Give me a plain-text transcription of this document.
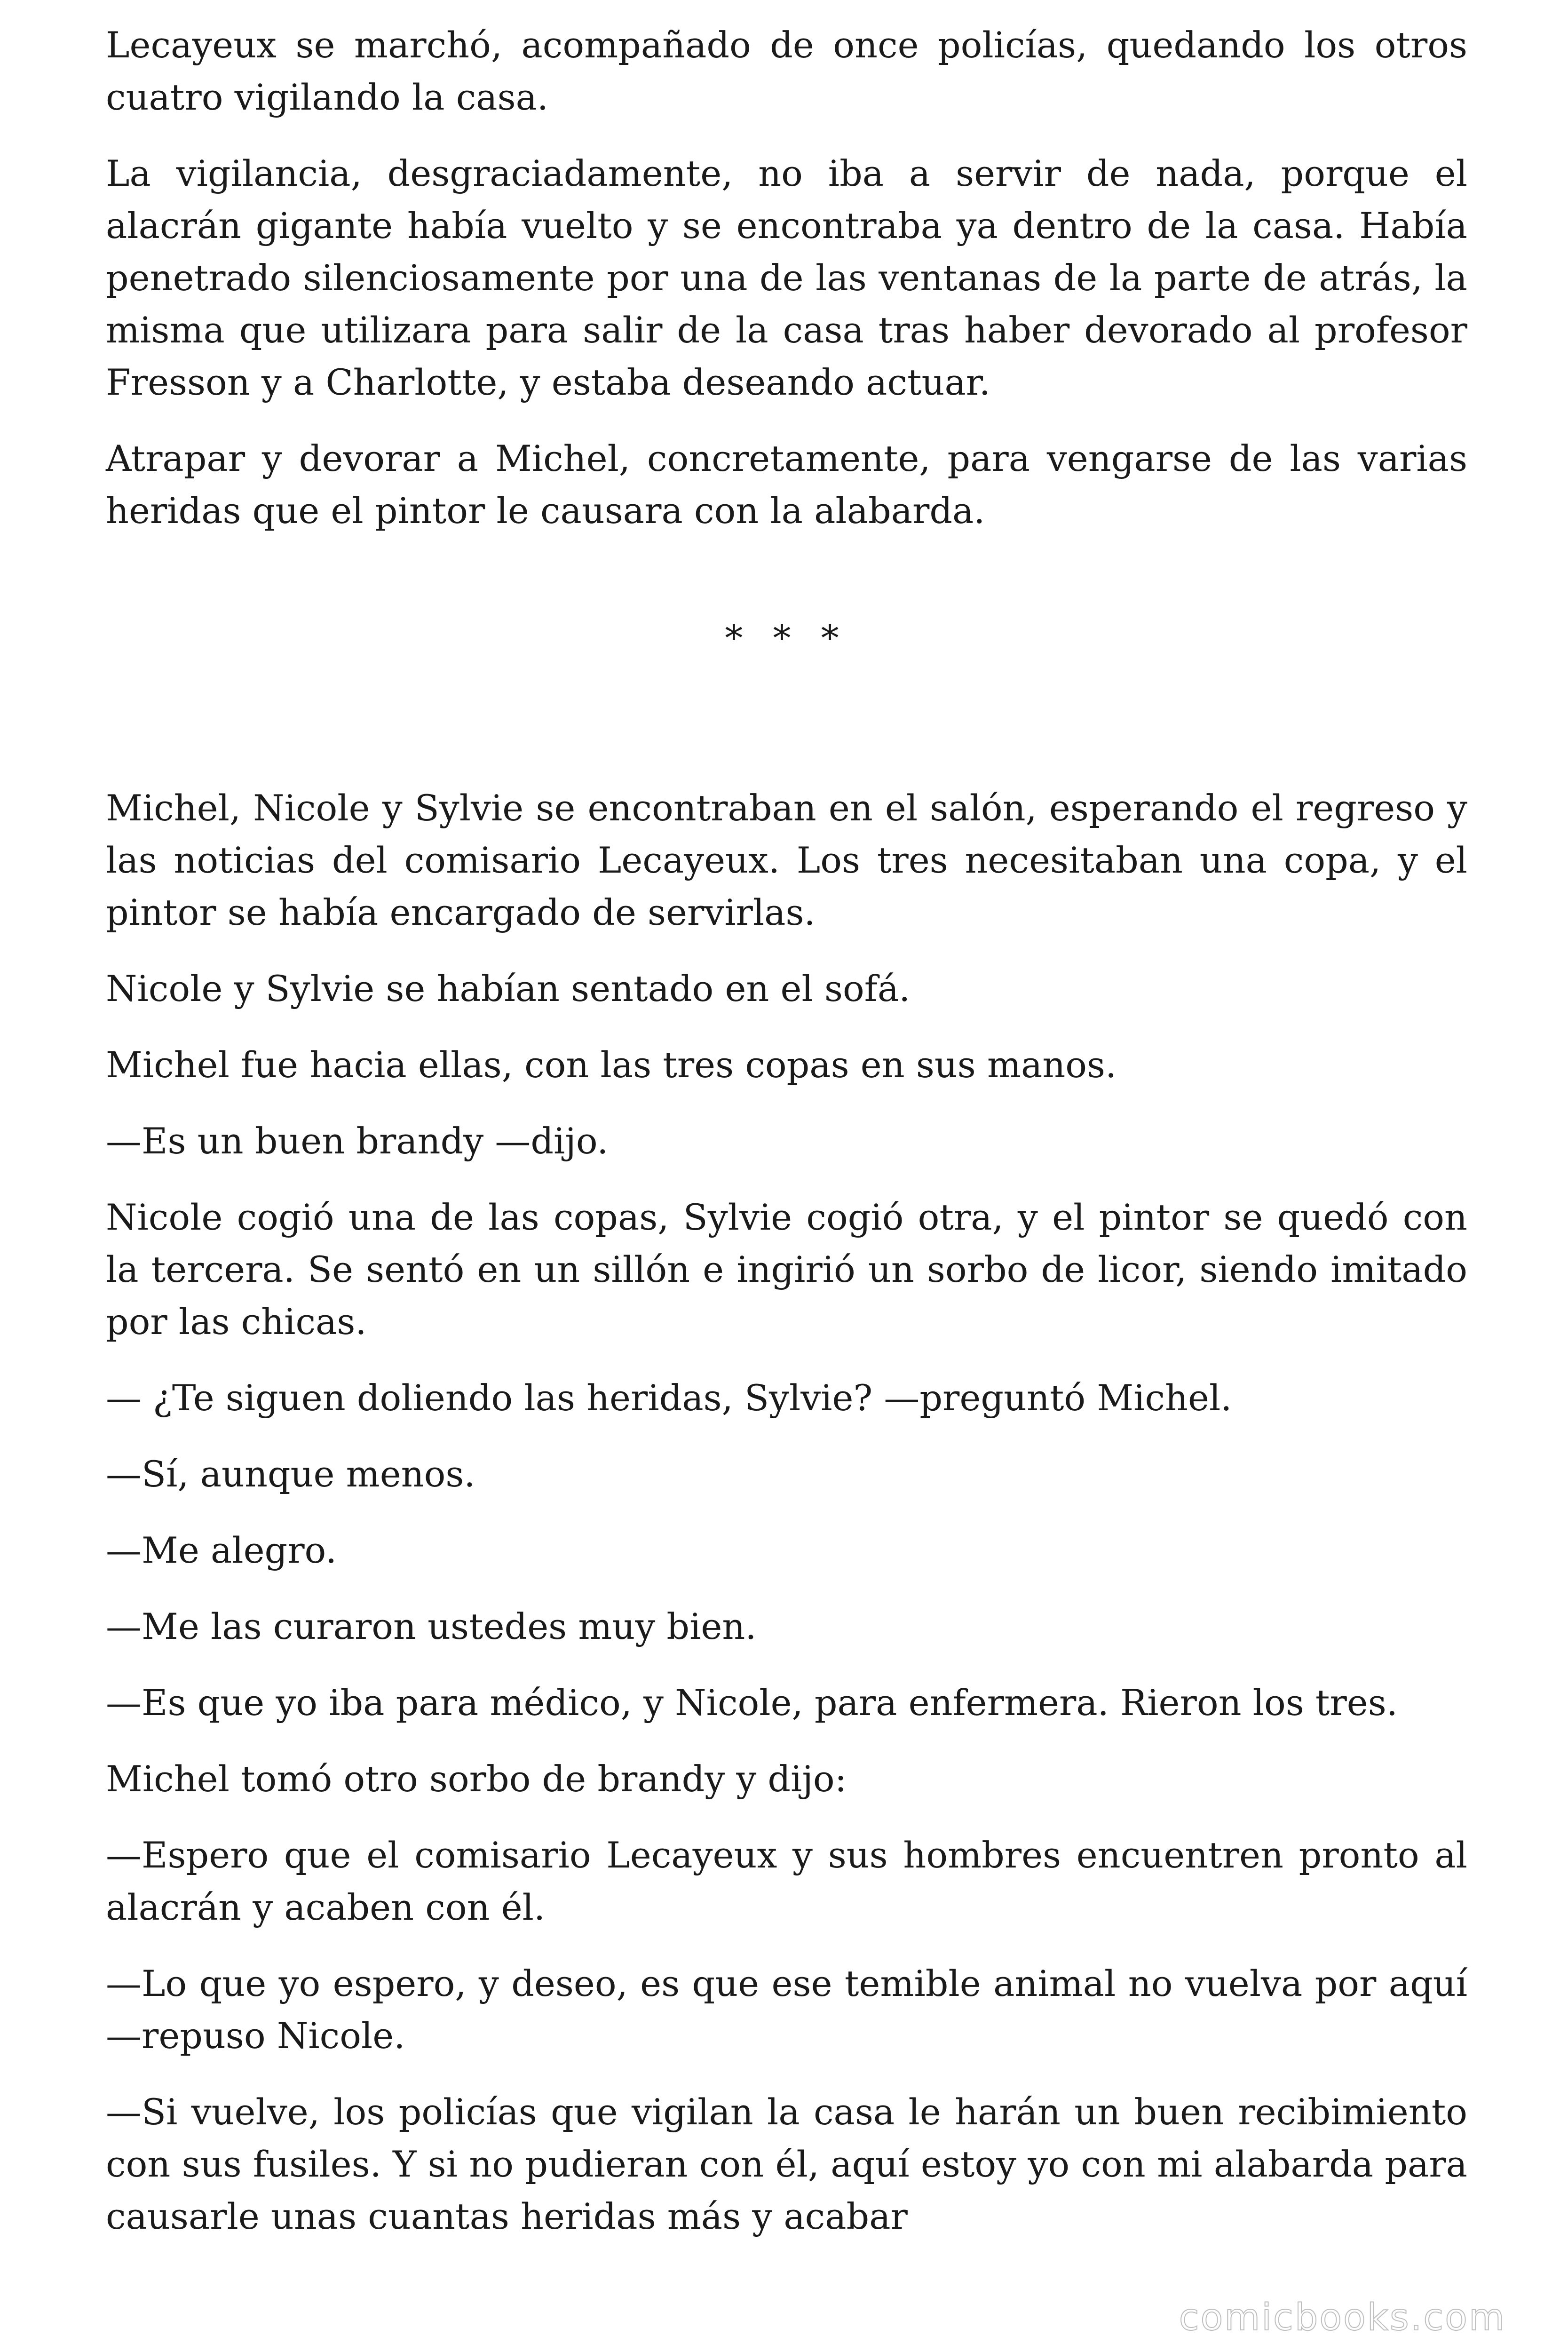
Lecayeux se marchó, acompañado de once policías, quedando los otros cuatro vigilando la casa.

La vigilancia, desgraciadamente, no iba a servir de nada, porque el alacrán gigante había vuelto y se encontraba ya dentro de la casa. Había penetrado silenciosamente por una de las ventanas de la parte de atrás, la misma que utilizara para salir de la casa tras haber devorado al profesor Fresson y a Charlotte, y estaba deseando actuar.

Atrapar y devorar a Michel, concretamente, para vengarse de las varias heridas que el pintor le causara con la alabarda.

* * *

Michel, Nicole y Sylvie se encontraban en el salón, esperando el regreso y las noticias del comisario Lecayeux. Los tres necesitaban una copa, y el pintor se había encargado de servirlas.

Nicole y Sylvie se habían sentado en el sofá.

Michel fue hacia ellas, con las tres copas en sus manos.

—Es un buen brandy —dijo.

Nicole cogió una de las copas, Sylvie cogió otra, y el pintor se quedó con la tercera. Se sentó en un sillón e ingirió un sorbo de licor, siendo imitado por las chicas.

— ¿Te siguen doliendo las heridas, Sylvie? —preguntó Michel.

—Sí, aunque menos.

—Me alegro.

—Me las curaron ustedes muy bien.

—Es que yo iba para médico, y Nicole, para enfermera. Rieron los tres.

Michel tomó otro sorbo de brandy y dijo:

—Espero que el comisario Lecayeux y sus hombres encuentren pronto al alacrán y acaben con él.

—Lo que yo espero, y deseo, es que ese temible animal no vuelva por aquí —repuso Nicole.

—Si vuelve, los policías que vigilan la casa le harán un buen recibimiento con sus fusiles. Y si no pudieran con él, aquí estoy yo con mi alabarda para causarle unas cuantas heridas más y acabar

comicbooks.com
